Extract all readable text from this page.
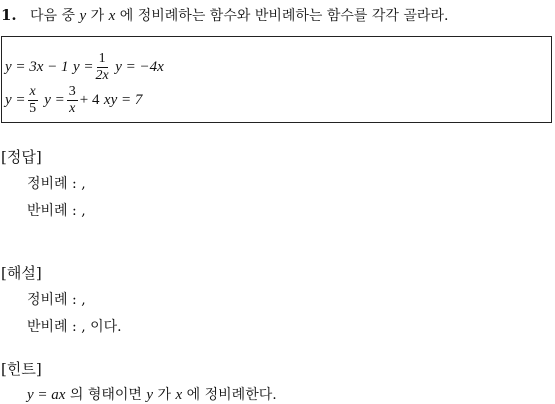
1. 다음 중 y 가 x 에 정비례하는 함수와 반비례하는 함수를 각각 골라라.
y = 3x − 1
$y = \frac{1}{2x}$
y = −4x
$y = \frac{x}{5}$
$y = \frac{3}{x} + 4$
xy = 7
[정답]
정비례 : ,
반비례 : ,
[해설]
정비례 : ,
반비례 : , 이다.
[힌트]
y = ax 의 형태이면 y 가 x 에 정비례한다.
